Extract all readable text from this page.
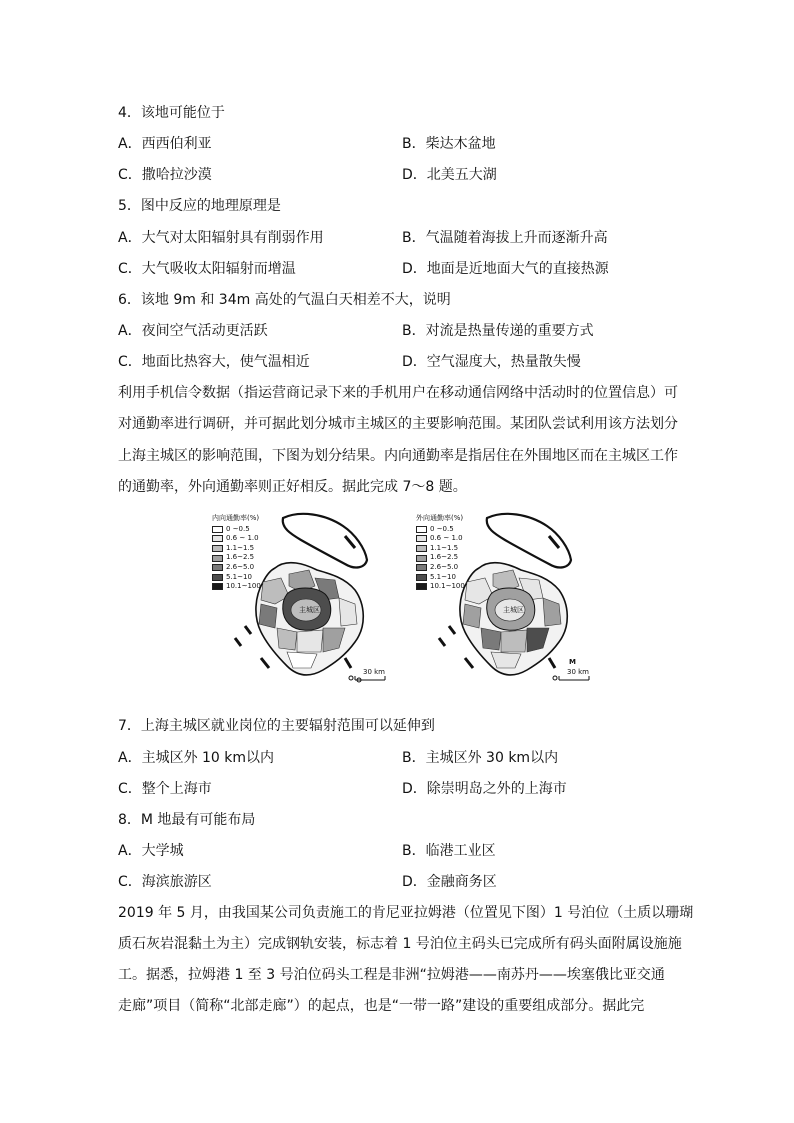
4．该地可能位于
A．西西伯利亚	B．柴达木盆地
C．撒哈拉沙漠	D．北美五大湖
5．图中反应的地理原理是
A．大气对太阳辐射具有削弱作用	B．气温随着海拔上升而逐渐升高
C．大气吸收太阳辐射而增温	D．地面是近地面大气的直接热源
6．该地 9m 和 34m 高处的气温白天相差不大，说明
A．夜间空气活动更活跃	B．对流是热量传递的重要方式
C．地面比热容大，使气温相近	D．空气湿度大，热量散失慢
利用手机信令数据（指运营商记录下来的手机用户在移动通信网络中活动时的位置信息）可
对通勤率进行调研，并可据此划分城市主城区的主要影响范围。某团队尝试利用该方法划分
上海主城区的影响范围，下图为划分结果。内向通勤率是指居住在外围地区而在主城区工作
的通勤率，外向通勤率则正好相反。据此完成 7～8 题。
主城区
30 km
内向通勤率(%)
0 ~0.5
0.6 ~ 1.0
1.1~1.5
1.6~2.5
2.6~5.0
5.1~10
10.1~100
主城区
M
30 km
外向通勤率(%)
0 ~0.5
0.6 ~ 1.0
1.1~1.5
1.6~2.5
2.6~5.0
5.1~10
10.1~100
7．上海主城区就业岗位的主要辐射范围可以延伸到
A．主城区外 10 km以内	B．主城区外 30 km以内
C．整个上海市	D．除崇明岛之外的上海市
8．M 地最有可能布局
A．大学城	B．临港工业区
C．海滨旅游区	D．金融商务区
2019 年 5 月，由我国某公司负责施工的肯尼亚拉姆港（位置见下图）1 号泊位（土质以珊瑚
质石灰岩混黏土为主）完成钢轨安装，标志着 1 号泊位主码头已完成所有码头面附属设施施
工。据悉，拉姆港 1 至 3 号泊位码头工程是非洲“拉姆港——南苏丹——埃塞俄比亚交通
走廊”项目（简称“北部走廊”）的起点，也是“一带一路”建设的重要组成部分。据此完
